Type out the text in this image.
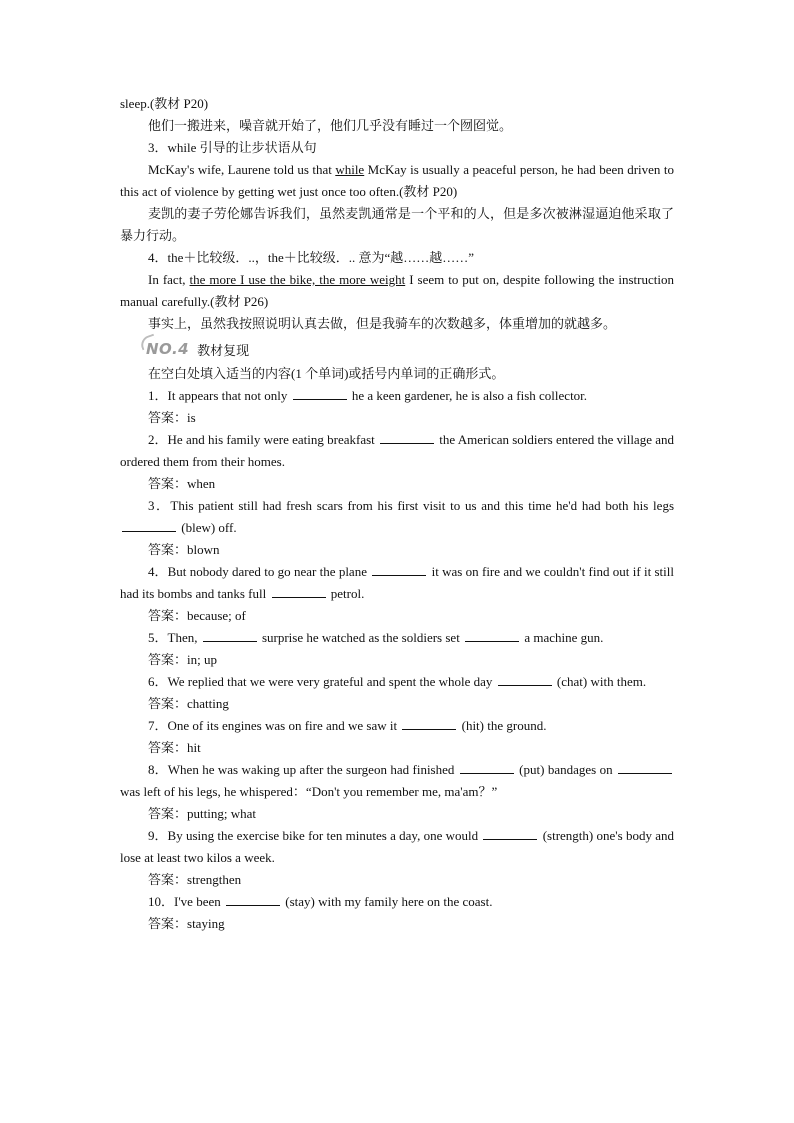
sleep.(教材 P20)

他们一搬进来，噪音就开始了，他们几乎没有睡过一个囫囵觉。

3．while 引导的让步状语从句

McKay's wife, Laurene told us that while McKay is usually a peaceful person, he had been driven to this act of violence by getting wet just once too often.(教材 P20)

麦凯的妻子劳伦娜告诉我们，虽然麦凯通常是一个平和的人，但是多次被淋湿逼迫他采取了暴力行动。

4．the＋比较级．..，the＋比较级．.. 意为“越……越……”

In fact, the more I use the bike, the more weight I seem to put on, despite following the instruction manual carefully.(教材 P26)

事实上，虽然我按照说明认真去做，但是我骑车的次数越多，体重增加的就越多。

NO.4 教材复现

在空白处填入适当的内容(1 个单词)或括号内单词的正确形式。

1．It appears that not only	he a keen gardener, he is also a fish collector.

答案：is

2．He and his family were eating breakfast	the American soldiers entered the village and ordered them from their homes.

答案：when

3．This patient still had fresh scars from his first visit to us and this time he'd had both his legs  (blew) off.

答案：blown

4．But nobody dared to go near the plane	it was on fire and we couldn't find out if it still had its bombs and tanks full	petrol.

答案：because; of

5．Then,	surprise he watched as the soldiers set	a machine gun.

答案：in; up

6．We replied that we were very grateful and spent the whole day	(chat) with them.

答案：chatting

7．One of its engines was on fire and we saw it	(hit) the ground.

答案：hit

8．When he was waking up after the surgeon had finished	(put) bandages on  was left of his legs, he whispered：“Don't you remember me, ma'am？”

答案：putting; what

9．By using the exercise bike for ten minutes a day, one would	(strength) one's body and lose at least two kilos a week.

答案：strengthen

10．I've been	(stay) with my family here on the coast.

答案：staying
